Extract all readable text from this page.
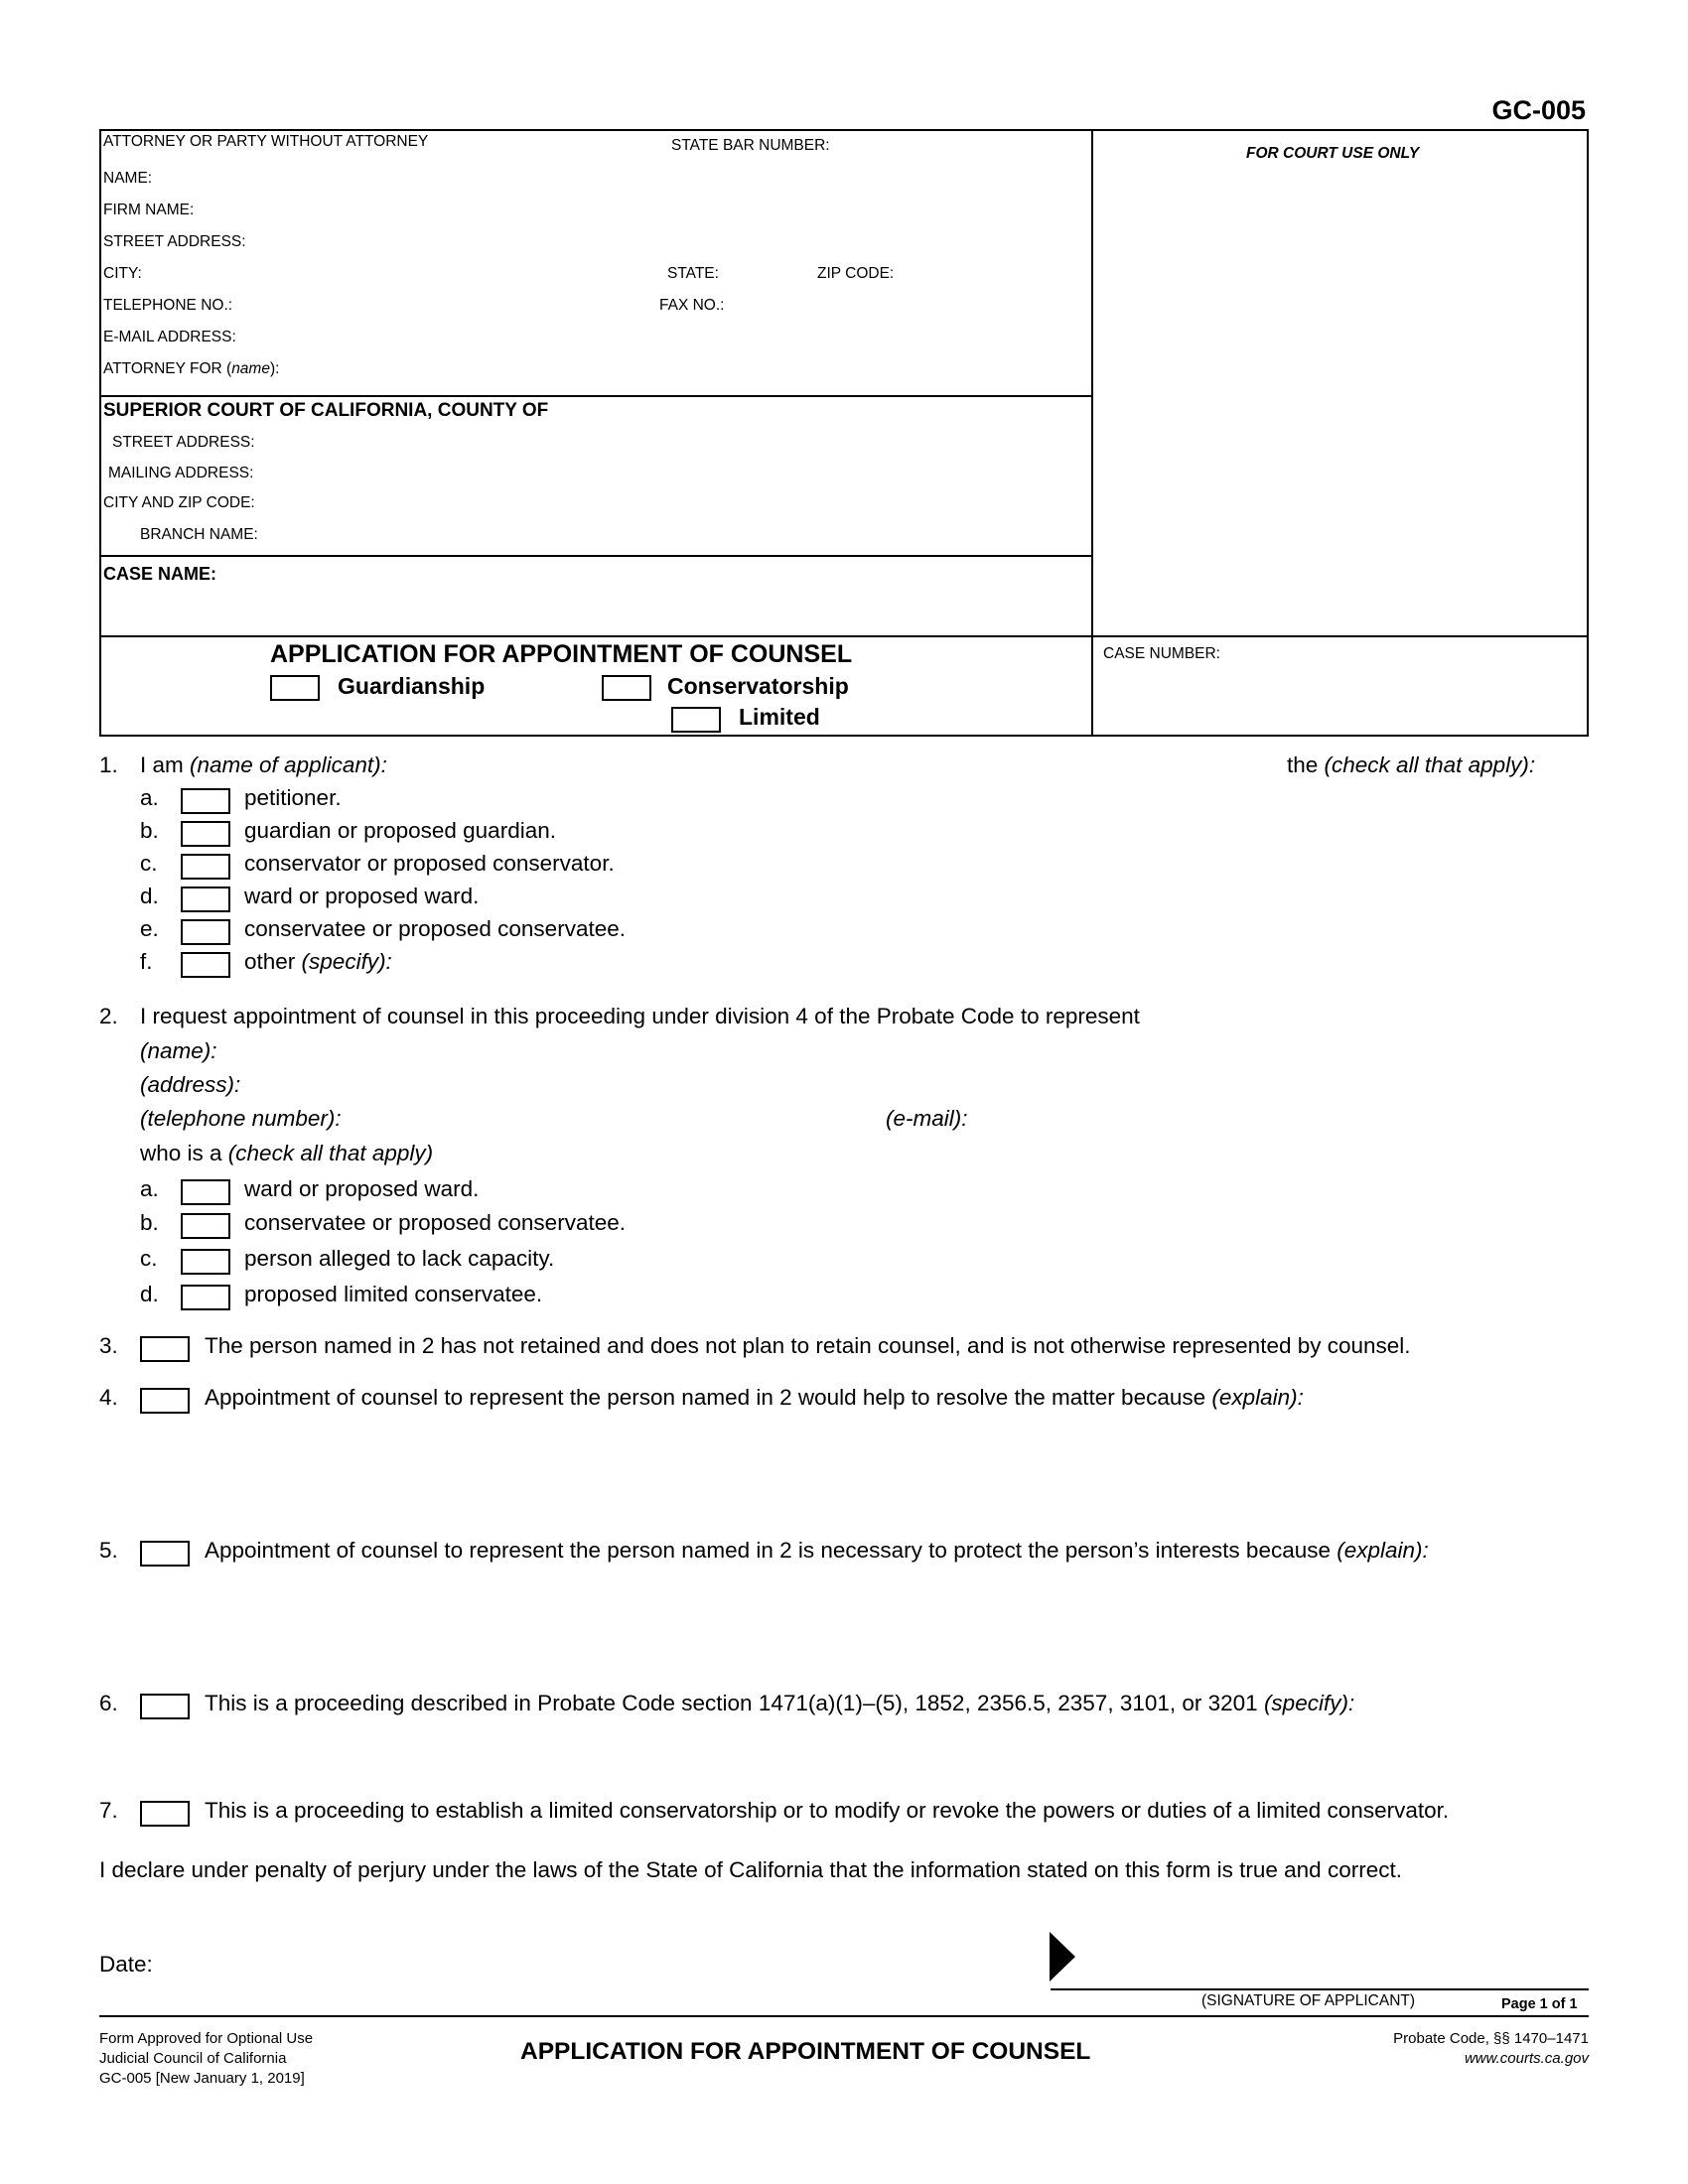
GC-005
ATTORNEY OR PARTY WITHOUT ATTORNEY	STATE BAR NUMBER:	FOR COURT USE ONLY
NAME:
FIRM NAME:
STREET ADDRESS:
CITY:	STATE:	ZIP CODE:
TELEPHONE NO.:	FAX NO.:
E-MAIL ADDRESS:
ATTORNEY FOR (name):
SUPERIOR COURT OF CALIFORNIA, COUNTY OF
STREET ADDRESS:
MAILING ADDRESS:
CITY AND ZIP CODE:
BRANCH NAME:
CASE NAME:
APPLICATION FOR APPOINTMENT OF COUNSEL
Guardianship	Conservatorship
Limited
CASE NUMBER:
1. I am (name of applicant):	the (check all that apply):
a.	petitioner.
b.	guardian or proposed guardian.
c.	conservator or proposed conservator.
d.	ward or proposed ward.
e.	conservatee or proposed conservatee.
f.	other (specify):
2. I request appointment of counsel in this proceeding under division 4 of the Probate Code to represent
(name):
(address):
(telephone number):	(e-mail):
who is a (check all that apply)
a.	ward or proposed ward.
b.	conservatee or proposed conservatee.
c.	person alleged to lack capacity.
d.	proposed limited conservatee.
3.	The person named in 2 has not retained and does not plan to retain counsel, and is not otherwise represented by counsel.
4.	Appointment of counsel to represent the person named in 2 would help to resolve the matter because (explain):
5.	Appointment of counsel to represent the person named in 2 is necessary to protect the person’s interests because (explain):
6.	This is a proceeding described in Probate Code section 1471(a)(1)–(5), 1852, 2356.5, 2357, 3101, or 3201 (specify):
7.	This is a proceeding to establish a limited conservatorship or to modify or revoke the powers or duties of a limited conservator.
I declare under penalty of perjury under the laws of the State of California that the information stated on this form is true and correct.
Date:
(SIGNATURE OF APPLICANT)	Page 1 of 1
Form Approved for Optional Use
Judicial Council of California
GC-005 [New January 1, 2019]
APPLICATION FOR APPOINTMENT OF COUNSEL	Probate Code, §§ 1470–1471
www.courts.ca.gov
